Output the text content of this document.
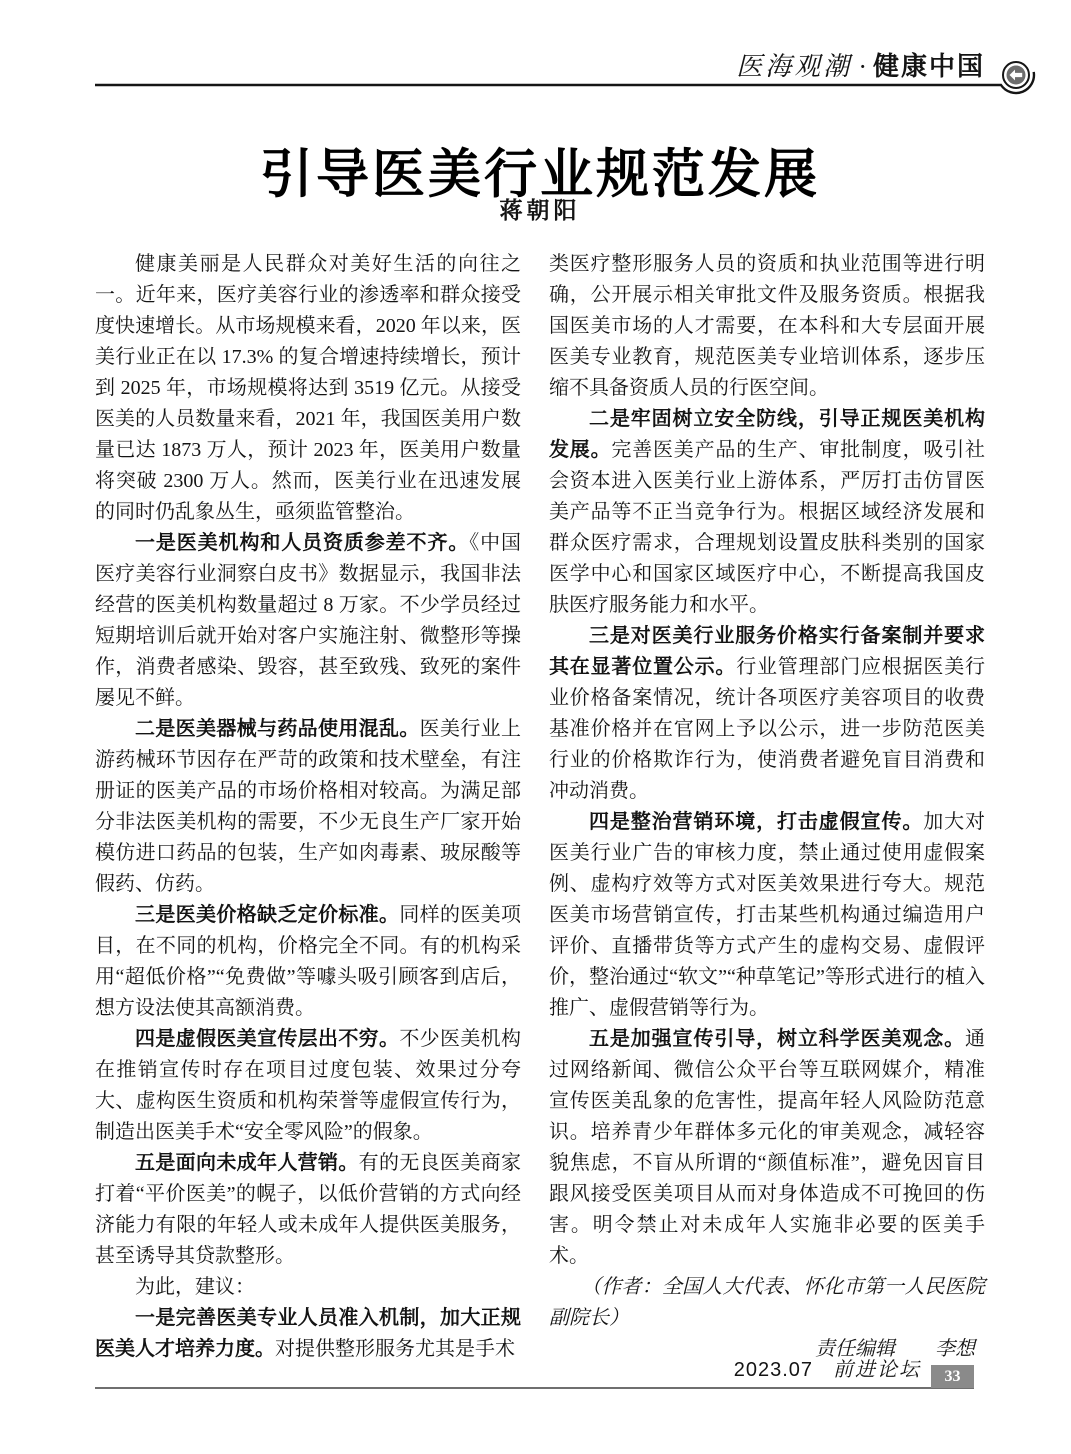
医海观潮 · 健康中国
引导医美行业规范发展
蒋朝阳

健康美丽是人民群众对美好生活的向往之一。近年来，医疗美容行业的渗透率和群众接受度快速增长。从市场规模来看，2020 年以来，医美行业正在以 17.3% 的复合增速持续增长，预计到 2025 年，市场规模将达到 3519 亿元。从接受医美的人员数量来看，2021 年，我国医美用户数量已达 1873 万人，预计 2023 年，医美用户数量将突破 2300 万人。然而，医美行业在迅速发展的同时仍乱象丛生，亟须监管整治。

一是医美机构和人员资质参差不齐。《中国医疗美容行业洞察白皮书》数据显示，我国非法经营的医美机构数量超过 8 万家。不少学员经过短期培训后就开始对客户实施注射、微整形等操作，消费者感染、毁容，甚至致残、致死的案件屡见不鲜。

二是医美器械与药品使用混乱。医美行业上游药械环节因存在严苛的政策和技术壁垒，有注册证的医美产品的市场价格相对较高。为满足部分非法医美机构的需要，不少无良生产厂家开始模仿进口药品的包装，生产如肉毒素、玻尿酸等假药、仿药。

三是医美价格缺乏定价标准。同样的医美项目，在不同的机构，价格完全不同。有的机构采用“超低价格”“免费做”等噱头吸引顾客到店后，想方设法使其高额消费。

四是虚假医美宣传层出不穷。不少医美机构在推销宣传时存在项目过度包装、效果过分夸大、虚构医生资质和机构荣誉等虚假宣传行为，制造出医美手术“安全零风险”的假象。

五是面向未成年人营销。有的无良医美商家打着“平价医美”的幌子，以低价营销的方式向经济能力有限的年轻人或未成年人提供医美服务，甚至诱导其贷款整形。

为此，建议：

一是完善医美专业人员准入机制，加大正规医美人才培养力度。对提供整形服务尤其是手术

类医疗整形服务人员的资质和执业范围等进行明确，公开展示相关审批文件及服务资质。根据我国医美市场的人才需要，在本科和大专层面开展医美专业教育，规范医美专业培训体系，逐步压缩不具备资质人员的行医空间。

二是牢固树立安全防线，引导正规医美机构发展。完善医美产品的生产、审批制度，吸引社会资本进入医美行业上游体系，严厉打击仿冒医美产品等不正当竞争行为。根据区域经济发展和群众医疗需求，合理规划设置皮肤科类别的国家医学中心和国家区域医疗中心，不断提高我国皮肤医疗服务能力和水平。

三是对医美行业服务价格实行备案制并要求其在显著位置公示。行业管理部门应根据医美行业价格备案情况，统计各项医疗美容项目的收费基准价格并在官网上予以公示，进一步防范医美行业的价格欺诈行为，使消费者避免盲目消费和冲动消费。

四是整治营销环境，打击虚假宣传。加大对医美行业广告的审核力度，禁止通过使用虚假案例、虚构疗效等方式对医美效果进行夸大。规范医美市场营销宣传，打击某些机构通过编造用户评价、直播带货等方式产生的虚构交易、虚假评价，整治通过“软文”“种草笔记”等形式进行的植入推广、虚假营销等行为。

五是加强宣传引导，树立科学医美观念。通过网络新闻、微信公众平台等互联网媒介，精准宣传医美乱象的危害性，提高年轻人风险防范意识。培养青少年群体多元化的审美观念，减轻容貌焦虑，不盲从所谓的“颜值标准”，避免因盲目跟风接受医美项目从而对身体造成不可挽回的伤害。明令禁止对未成年人实施非必要的医美手术。

（作者：全国人大代表、怀化市第一人民医院副院长）

责任编辑　　李想

2023.07 前进论坛	33
